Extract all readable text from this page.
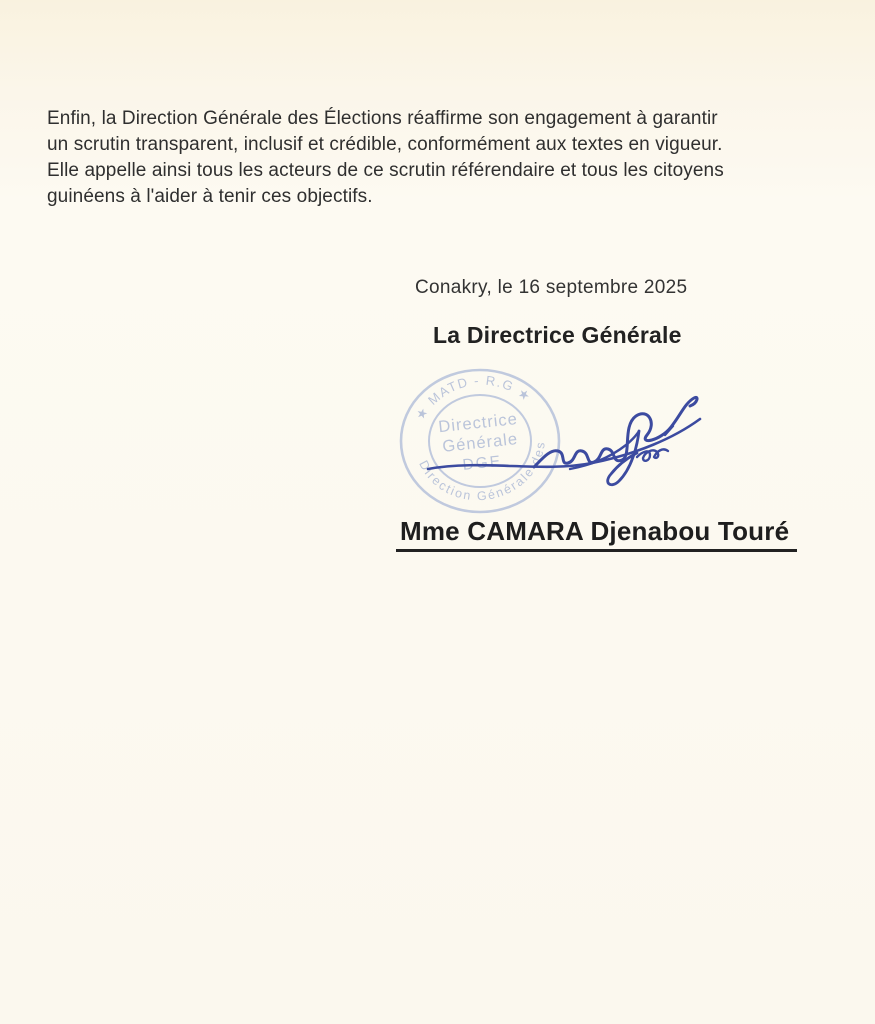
Enfin, la Direction Générale des Élections réaffirme son engagement à garantir
un scrutin transparent, inclusif et crédible, conformément aux textes en vigueur.
Elle appelle ainsi tous les acteurs de ce scrutin référendaire et tous les citoyens
guinéens à l'aider à tenir ces objectifs.
Conakry, le 16 septembre 2025
La Directrice Générale
★ MATD - R.G ★
Direction Générale des
Directrice
Générale
DGE
Mme CAMARA Djenabou Touré
